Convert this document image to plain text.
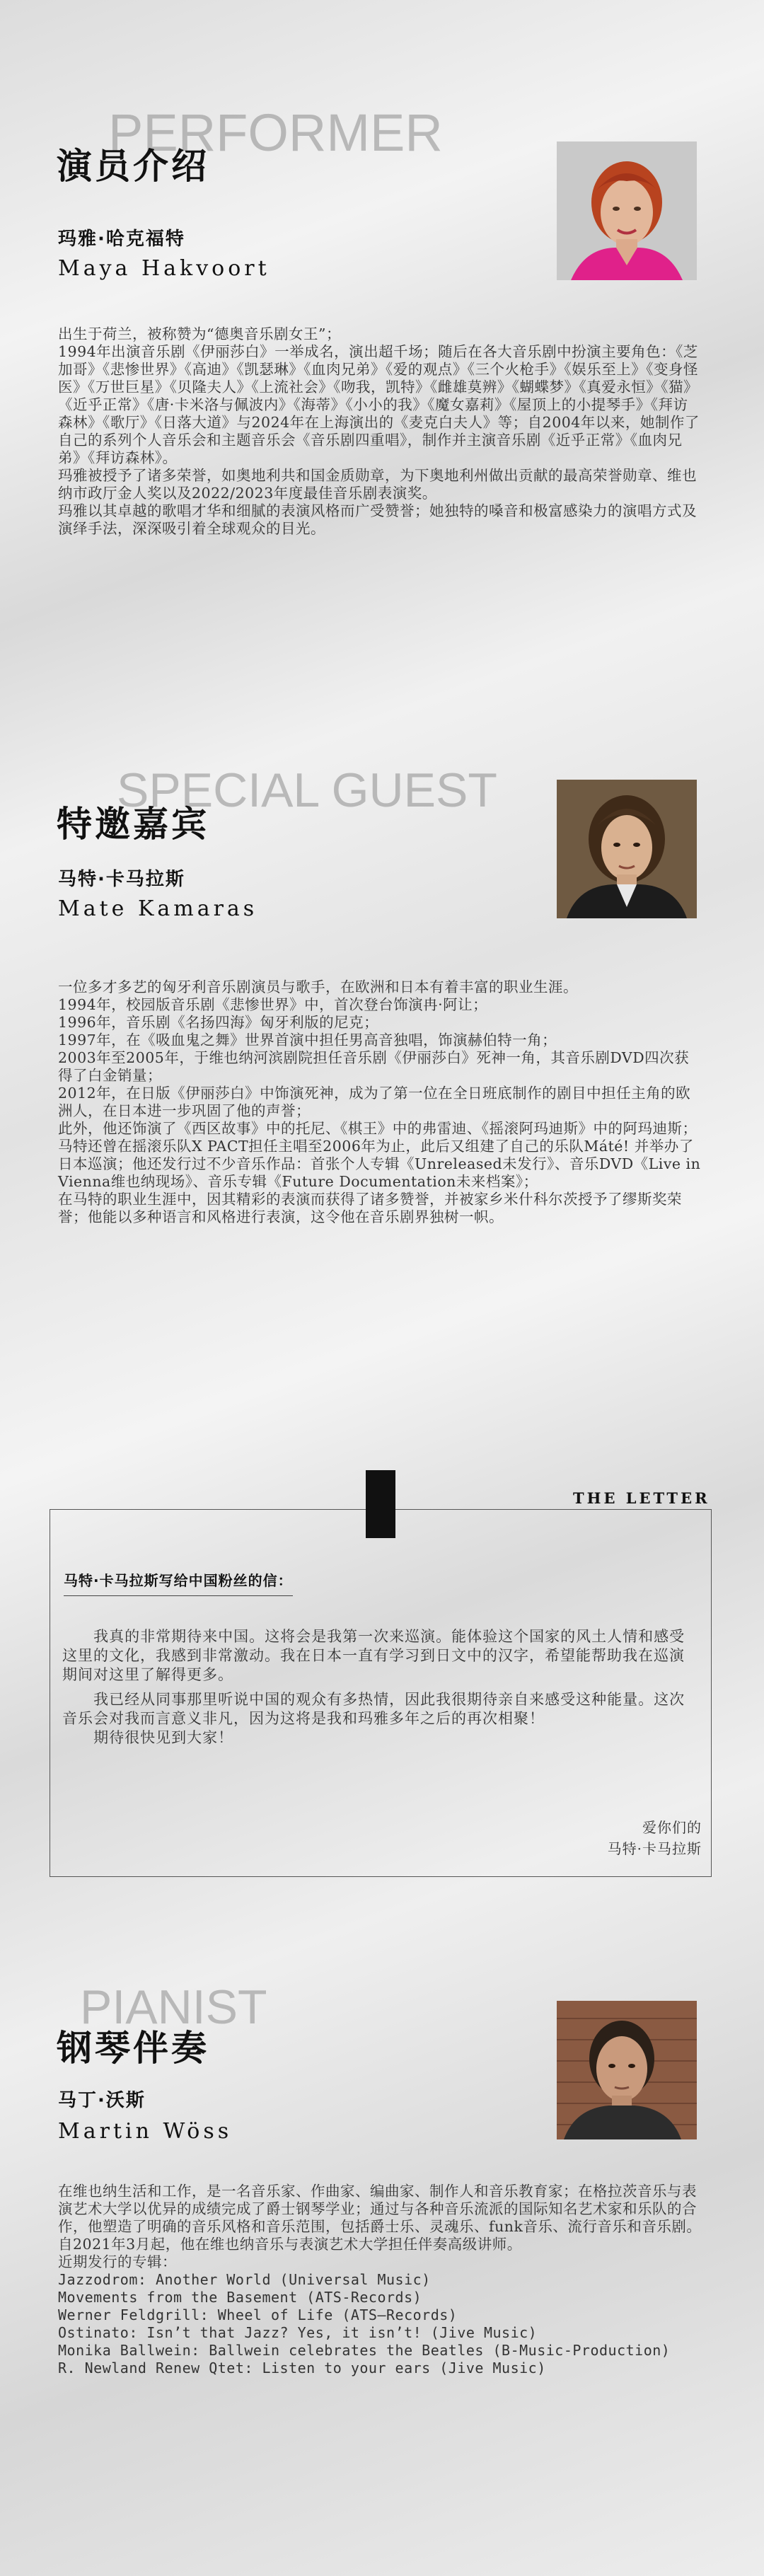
PERFORMER
演员介绍
玛雅·哈克福特
Maya Hakvoort

出生于荷兰，被称赞为“德奥音乐剧女王”；

1994年出演音乐剧《伊丽莎白》一举成名，演出超千场；随后在各大音乐剧中扮演主要角色：《芝加哥》《悲惨世界》《高迪》《凯瑟琳》《血肉兄弟》《爱的观点》《三个火枪手》《娱乐至上》《变身怪医》《万世巨星》《贝隆夫人》《上流社会》《吻我，凯特》《雌雄莫辨》《蝴蝶梦》《真爱永恒》《猫》《近乎正常》《唐·卡米洛与佩波内》《海蒂》《小小的我》《魔女嘉莉》《屋顶上的小提琴手》《拜访森林》《歌厅》《日落大道》与2024年在上海演出的《麦克白夫人》等；自2004年以来，她制作了自己的系列个人音乐会和主题音乐会《音乐剧四重唱》，制作并主演音乐剧《近乎正常》《血肉兄弟》《拜访森林》。

玛雅被授予了诸多荣誉，如奥地利共和国金质勋章，为下奥地利州做出贡献的最高荣誉勋章、维也纳市政厅金人奖以及2022/2023年度最佳音乐剧表演奖。

玛雅以其卓越的歌唱才华和细腻的表演风格而广受赞誉；她独特的嗓音和极富感染力的演唱方式及演绎手法，深深吸引着全球观众的目光。

SPECIAL GUEST
特邀嘉宾
马特·卡马拉斯
Mate Kamaras

一位多才多艺的匈牙利音乐剧演员与歌手，在欧洲和日本有着丰富的职业生涯。

1994年，校园版音乐剧《悲惨世界》中，首次登台饰演冉·阿让；

1996年，音乐剧《名扬四海》匈牙利版的尼克；

1997年，在《吸血鬼之舞》世界首演中担任男高音独唱，饰演赫伯特一角；

2003年至2005年，于维也纳河滨剧院担任音乐剧《伊丽莎白》死神一角，其音乐剧DVD四次获得了白金销量；

2012年，在日版《伊丽莎白》中饰演死神，成为了第一位在全日班底制作的剧目中担任主角的欧洲人，在日本进一步巩固了他的声誉；

此外，他还饰演了《西区故事》中的托尼、《棋王》中的弗雷迪、《摇滚阿玛迪斯》中的阿玛迪斯；马特还曾在摇滚乐队X PACT担任主唱至2006年为止，此后又组建了自己的乐队Máté! 并举办了日本巡演；他还发行过不少音乐作品：首张个人专辑《Unreleased未发行》、音乐DVD《Live in Vienna维也纳现场》、音乐专辑《Future Documentation未来档案》；

在马特的职业生涯中，因其精彩的表演而获得了诸多赞誉，并被家乡米什科尔茨授予了缪斯奖荣誉；他能以多种语言和风格进行表演，这令他在音乐剧界独树一帜。

THE LETTER
马特·卡马拉斯写给中国粉丝的信：

我真的非常期待来中国。这将会是我第一次来巡演。能体验这个国家的风土人情和感受这里的文化，我感到非常激动。我在日本一直有学习到日文中的汉字，希望能帮助我在巡演期间对这里了解得更多。

我已经从同事那里听说中国的观众有多热情，因此我很期待亲自来感受这种能量。这次音乐会对我而言意义非凡，因为这将是我和玛雅多年之后的再次相聚！

期待很快见到大家！

爱你们的
马特·卡马拉斯
PIANIST
钢琴伴奏
马丁·沃斯
Martin Wöss

在维也纳生活和工作，是一名音乐家、作曲家、编曲家、制作人和音乐教育家；在格拉茨音乐与表演艺术大学以优异的成绩完成了爵士钢琴学业；通过与各种音乐流派的国际知名艺术家和乐队的合作，他塑造了明确的音乐风格和音乐范围，包括爵士乐、灵魂乐、funk音乐、流行音乐和音乐剧。自2021年3月起，他在维也纳音乐与表演艺术大学担任伴奏高级讲师。

近期发行的专辑：

Jazzodrom: Another World (Universal Music)

Movements from the Basement (ATS-Records)

Werner Feldgrill: Wheel of Life (ATS–Records)

Ostinato: Isn’t that Jazz? Yes, it isn’t! (Jive Music)

Monika Ballwein: Ballwein celebrates the Beatles (B-Music-Production)

R. Newland Renew Qtet: Listen to your ears (Jive Music)
